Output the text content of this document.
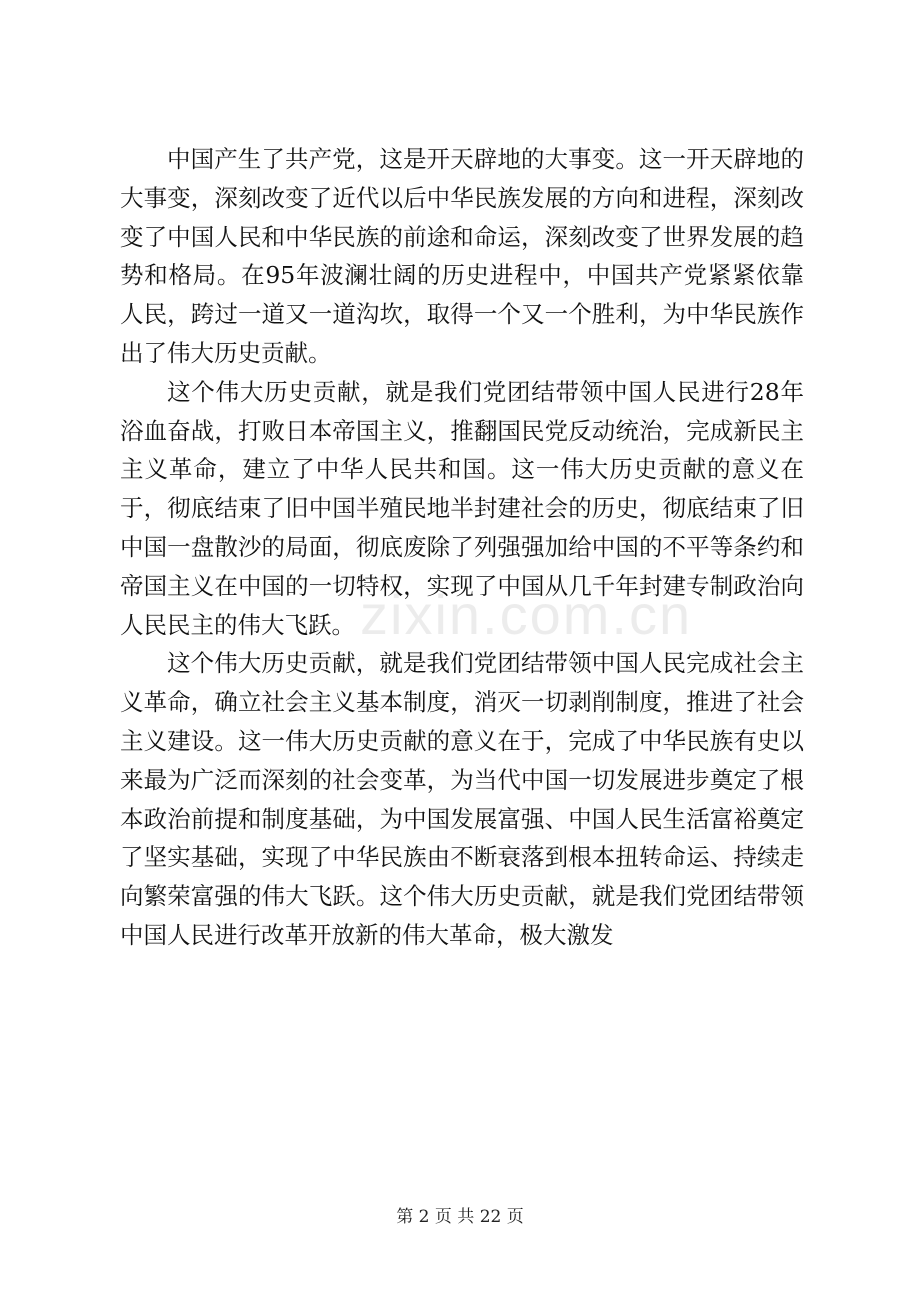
中国产生了共产党，这是开天辟地的大事变。这一开天辟地的大事变，深刻改变了近代以后中华民族发展的方向和进程，深刻改变了中国人民和中华民族的前途和命运，深刻改变了世界发展的趋势和格局。在95年波澜壮阔的历史进程中，中国共产党紧紧依靠人民，跨过一道又一道沟坎，取得一个又一个胜利，为中华民族作出了伟大历史贡献。

这个伟大历史贡献，就是我们党团结带领中国人民进行28年浴血奋战，打败日本帝国主义，推翻国民党反动统治，完成新民主主义革命，建立了中华人民共和国。这一伟大历史贡献的意义在于，彻底结束了旧中国半殖民地半封建社会的历史，彻底结束了旧中国一盘散沙的局面，彻底废除了列强强加给中国的不平等条约和帝国主义在中国的一切特权，实现了中国从几千年封建专制政治向人民民主的伟大飞跃。

这个伟大历史贡献，就是我们党团结带领中国人民完成社会主义革命，确立社会主义基本制度，消灭一切剥削制度，推进了社会主义建设。这一伟大历史贡献的意义在于，完成了中华民族有史以来最为广泛而深刻的社会变革，为当代中国一切发展进步奠定了根本政治前提和制度基础，为中国发展富强、中国人民生活富裕奠定了坚实基础，实现了中华民族由不断衰落到根本扭转命运、持续走向繁荣富强的伟大飞跃。这个伟大历史贡献，就是我们党团结带领中国人民进行改革开放新的伟大革命，极大激发

zixin.com.cn
第 2 页 共 22 页
